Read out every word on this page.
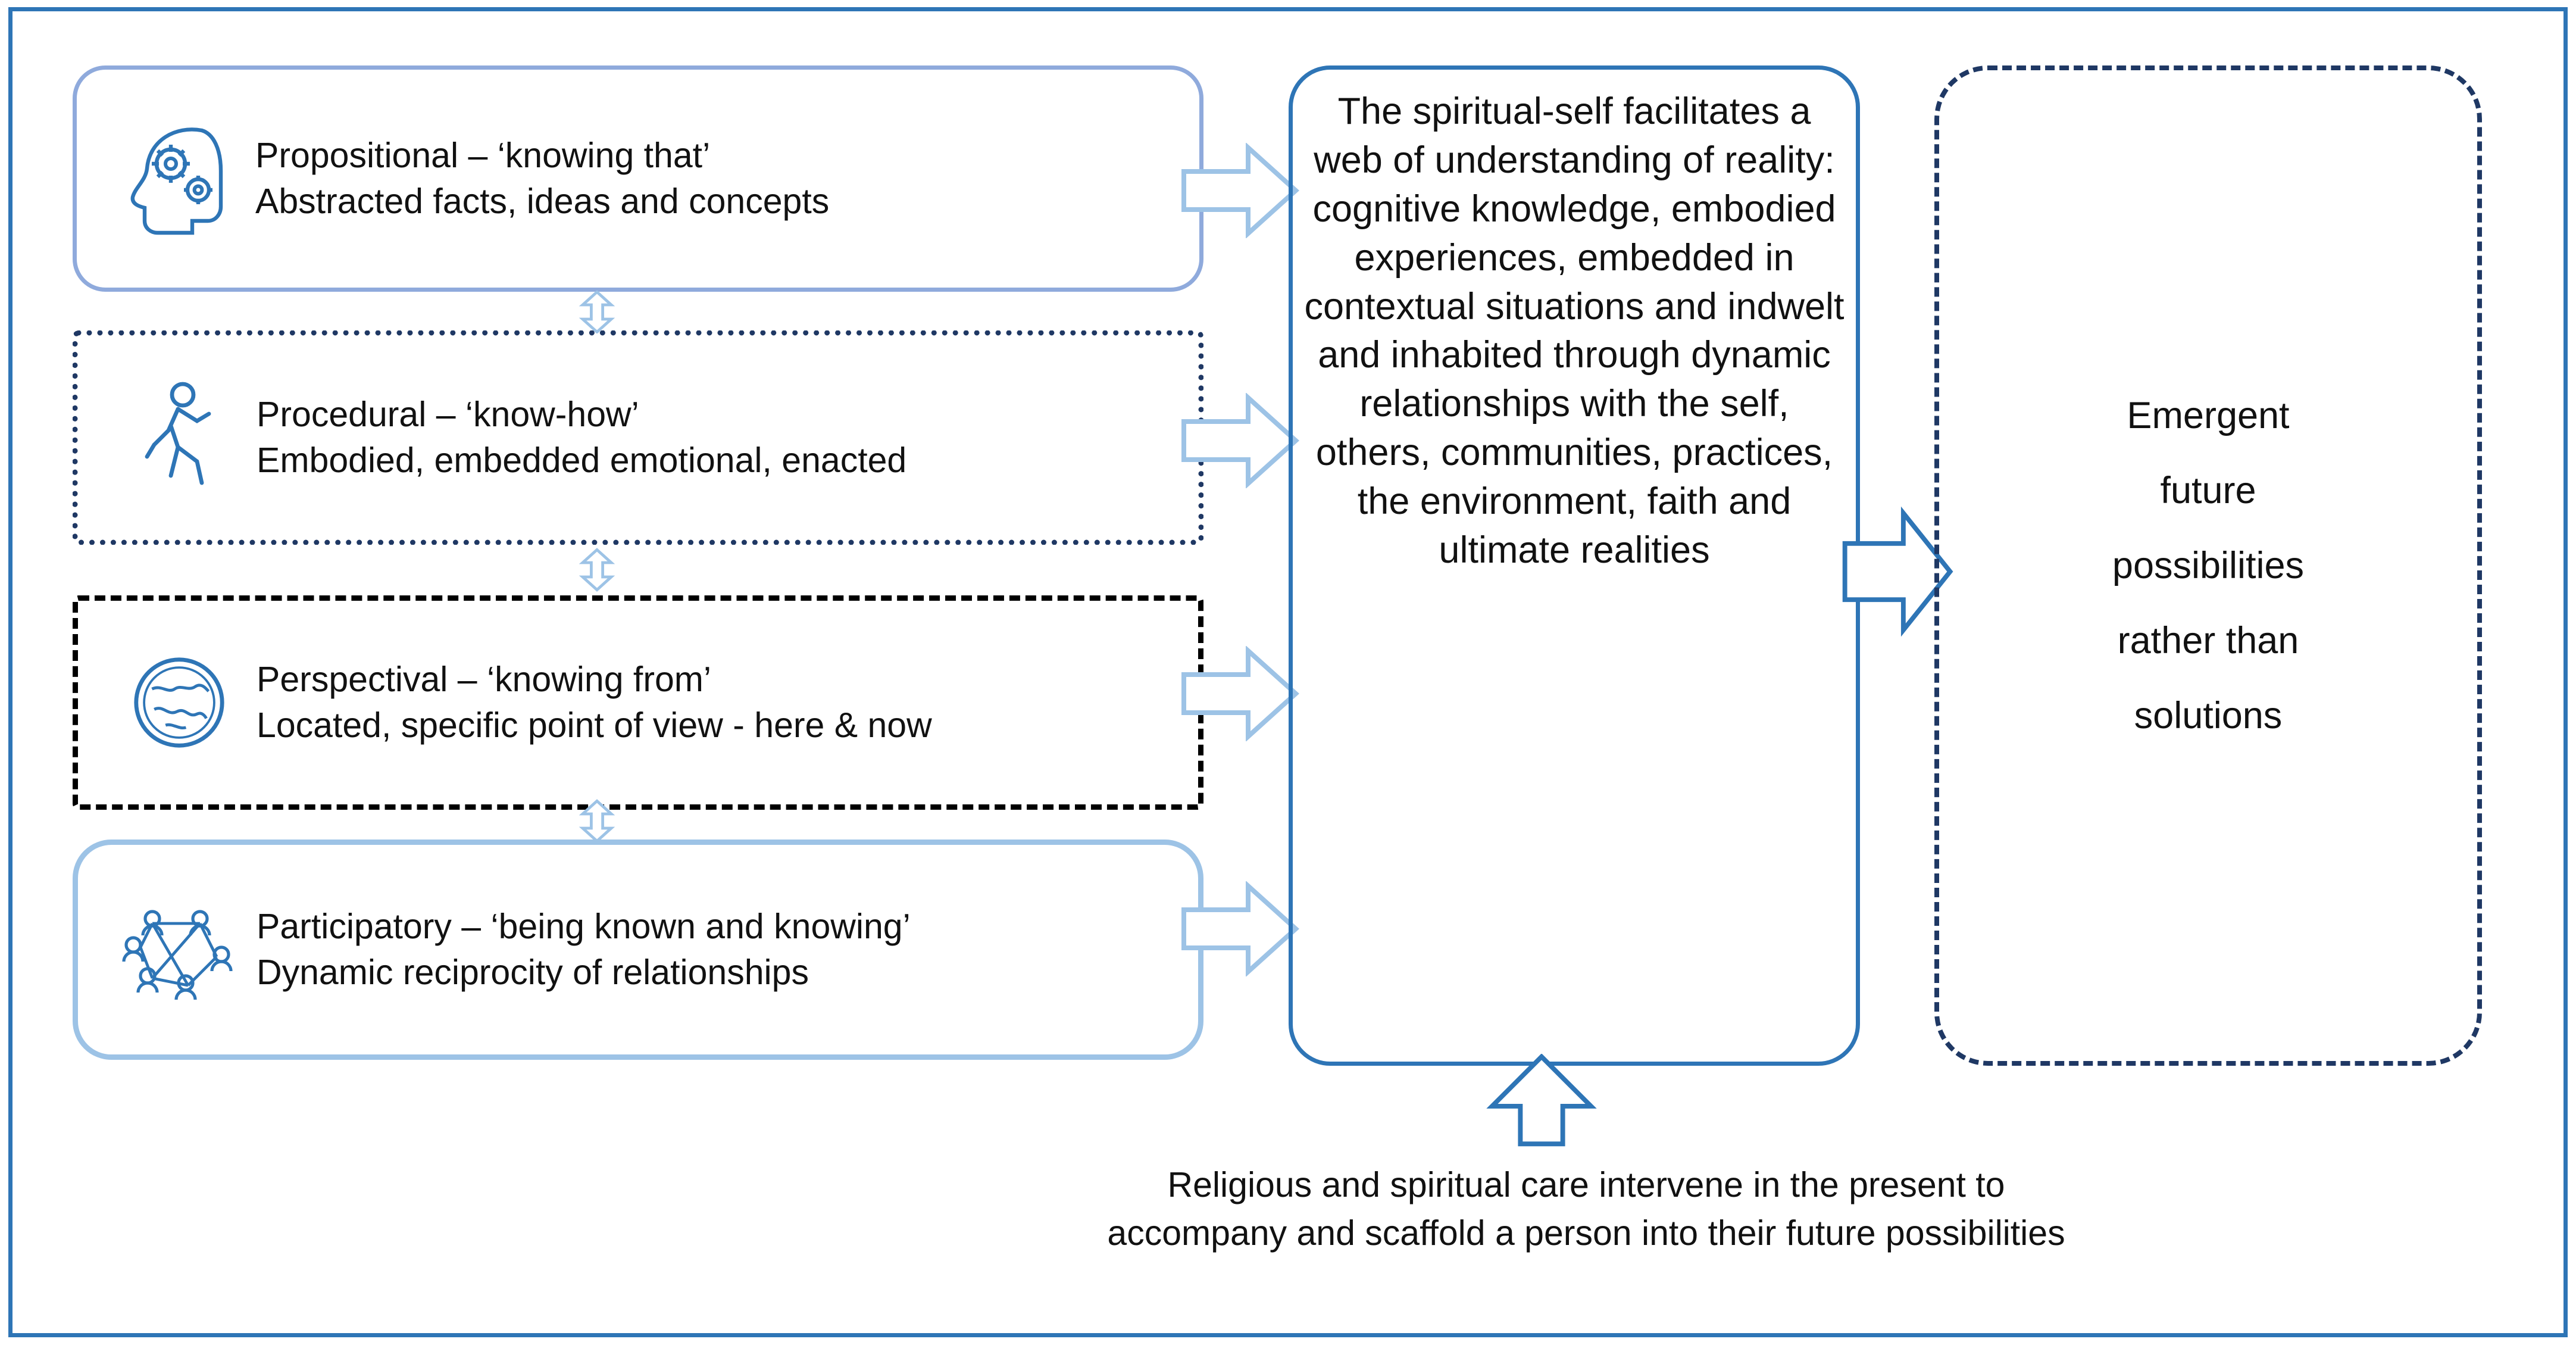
Propositional – ‘knowing that’
Abstracted facts, ideas and concepts
Procedural – ‘know-how’
Embodied, embedded emotional, enacted
Perspectival – ‘knowing from’
Located, specific point of view - here & now
Participatory – ‘being known and knowing’
Dynamic reciprocity of relationships
The spiritual-self facilitates a web of understanding of reality: cognitive knowledge, embodied experiences, embedded in contextual situations and indwelt and inhabited through dynamic relationships with the self, others, communities, practices, the environment, faith and ultimate realities
Emergent
future
possibilities
rather than
solutions
Religious and spiritual care intervene in the present to
accompany and scaffold a person into their future possibilities
